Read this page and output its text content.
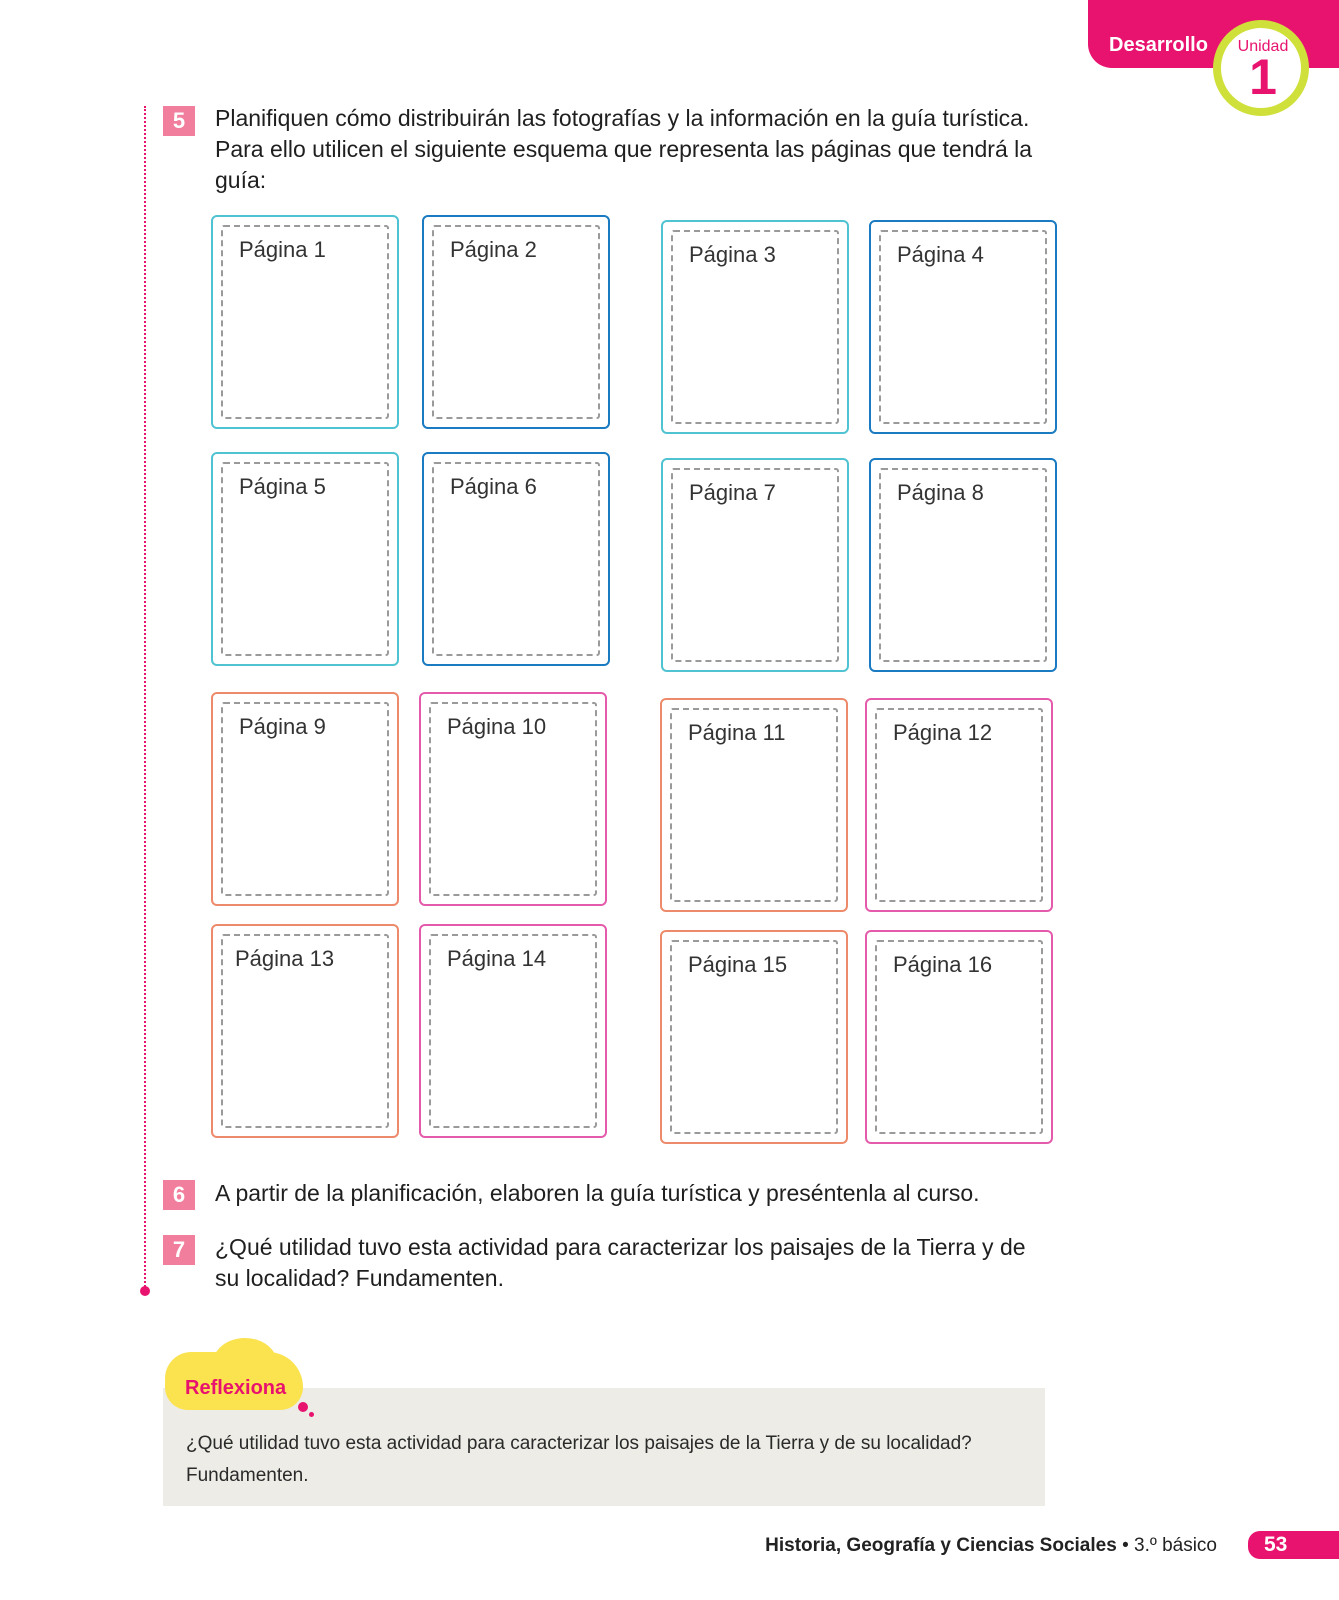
Desarrollo Unidad
1
5	Planifiquen cómo distribuirán las fotografías y la información en la guía turística. Para ello utilicen el siguiente esquema que representa las páginas que tendrá la guía:
Página 1	Página 2	Página 3	Página 4
Página 5	Página 6	Página 7	Página 8
Página 9	Página 10	Página 11	Página 12
Página 13	Página 14	Página 15	Página 16
6	A partir de la planificación, elaboren la guía turística y preséntenla al curso.
7	¿Qué utilidad tuvo esta actividad para caracterizar los paisajes de la Tierra y de su localidad? Fundamenten.
Reflexiona
¿Qué utilidad tuvo esta actividad para caracterizar los paisajes de la Tierra y de su localidad? Fundamenten.
Historia, Geografía y Ciencias Sociales • 3.º básico	53
